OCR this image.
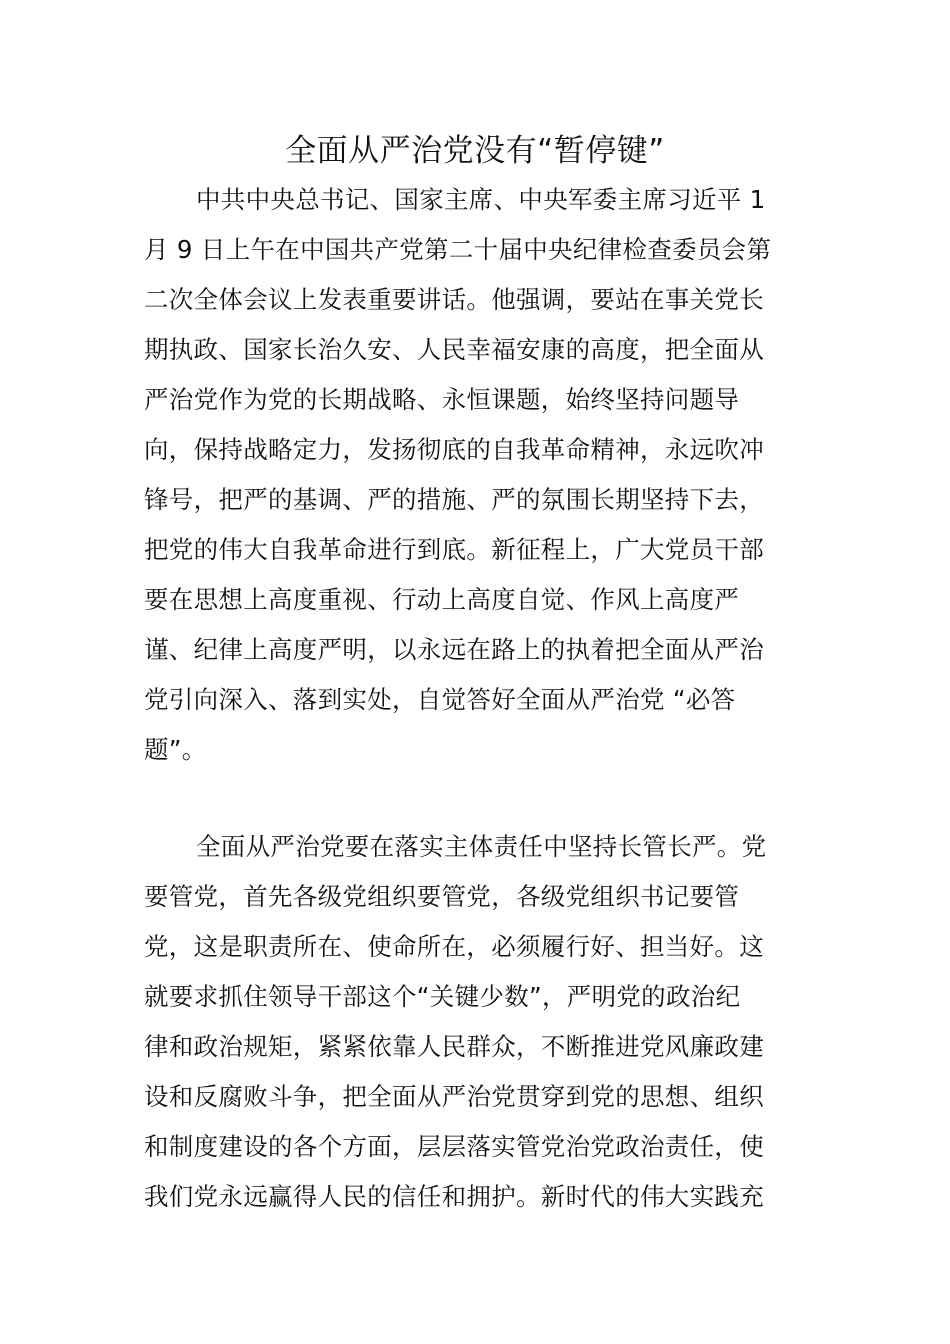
全面从严治党没有“暂停键”
中共中央总书记、国家主席、中央军委主席习近平 1
月 9 日上午在中国共产党第二十届中央纪律检查委员会第
二次全体会议上发表重要讲话。他强调，要站在事关党长
期执政、国家长治久安、人民幸福安康的高度，把全面从
严治党作为党的长期战略、永恒课题，始终坚持问题导
向，保持战略定力，发扬彻底的自我革命精神，永远吹冲
锋号，把严的基调、严的措施、严的氛围长期坚持下去，
把党的伟大自我革命进行到底。新征程上，广大党员干部
要在思想上高度重视、行动上高度自觉、作风上高度严
谨、纪律上高度严明，以永远在路上的执着把全面从严治
党引向深入、落到实处，自觉答好全面从严治党 “必答
题”。
全面从严治党要在落实主体责任中坚持长管长严。党
要管党，首先各级党组织要管党，各级党组织书记要管
党，这是职责所在、使命所在，必须履行好、担当好。这
就要求抓住领导干部这个“关键少数”，严明党的政治纪
律和政治规矩，紧紧依靠人民群众，不断推进党风廉政建
设和反腐败斗争，把全面从严治党贯穿到党的思想、组织
和制度建设的各个方面，层层落实管党治党政治责任，使
我们党永远赢得人民的信任和拥护。新时代的伟大实践充
